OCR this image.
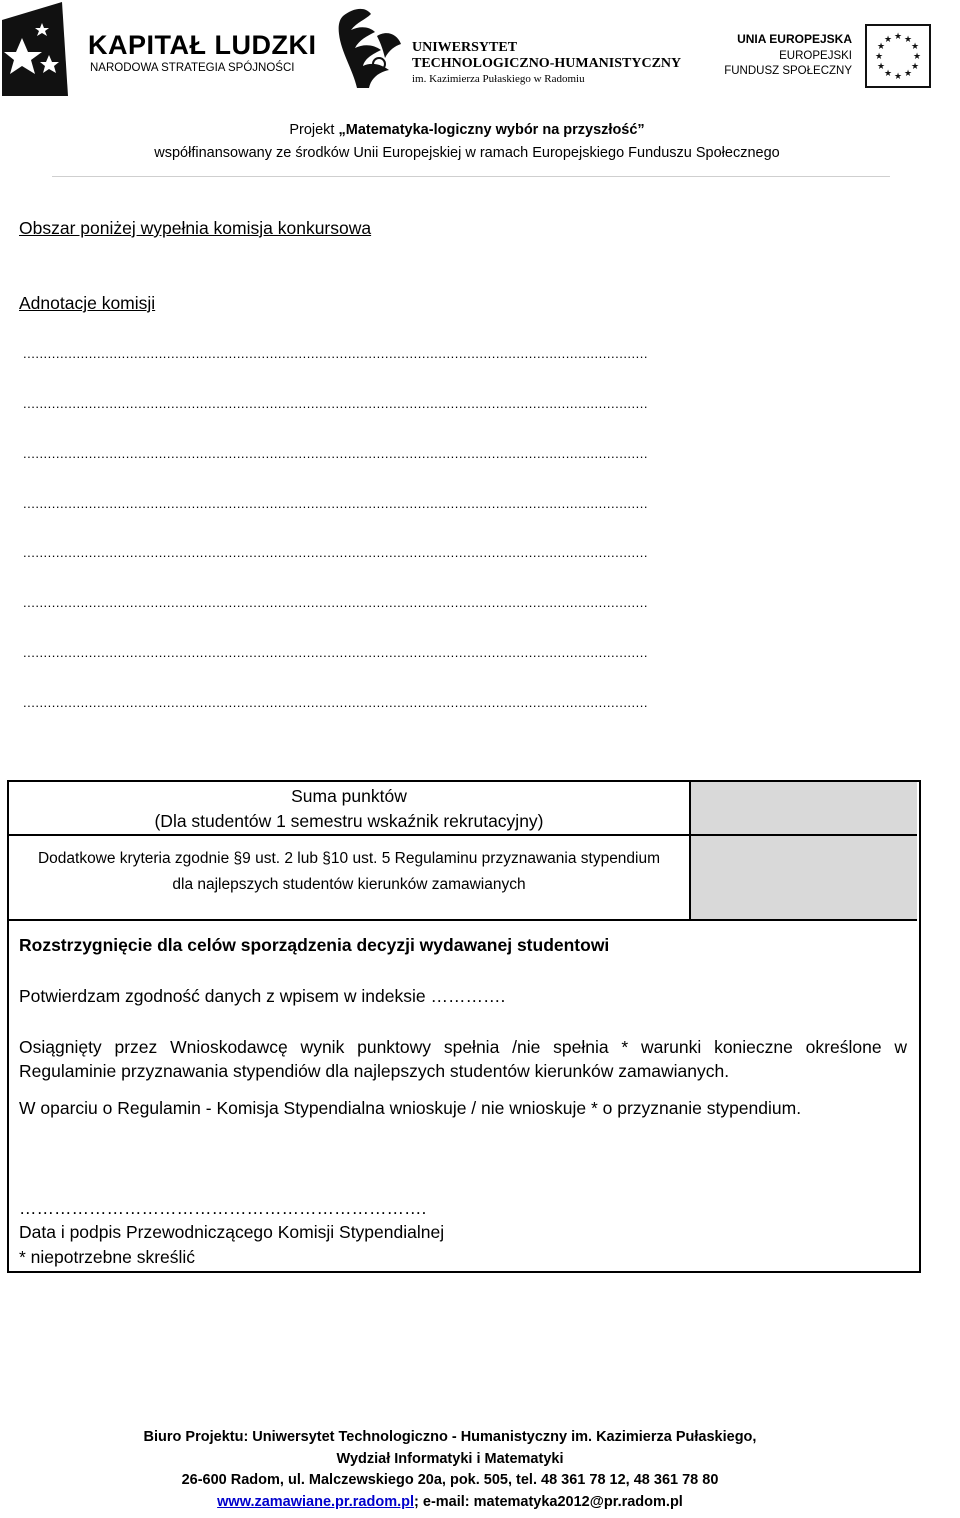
KAPITAŁ LUDZKI
NARODOWA STRATEGIA SPÓJNOŚCI
UNIWERSYTET
TECHNOLOGICZNO-HUMANISTYCZNY
im. Kazimierza Pułaskiego w Radomiu
UNIA EUROPEJSKA
EUROPEJSKI
FUNDUSZ SPOŁECZNY
★ ★
★
★
★
★
★
★
★
★
★
★
Projekt „Matematyka-logiczny wybór na przyszłość”
współfinansowany ze środków Unii Europejskiej w ramach Europejskiego Funduszu Społecznego
Obszar poniżej wypełnia komisja konkursowa
Adnotacje komisji
........................................................................................................................................................
........................................................................................................................................................
........................................................................................................................................................
........................................................................................................................................................
........................................................................................................................................................
........................................................................................................................................................
........................................................................................................................................................
........................................................................................................................................................
Suma punktów
(Dla studentów 1 semestru wskaźnik rekrutacyjny)
Dodatkowe kryteria zgodnie §9 ust. 2 lub §10 ust. 5 Regulaminu przyznawania stypendium
dla najlepszych studentów kierunków zamawianych
Rozstrzygnięcie dla celów sporządzenia decyzji wydawanej studentowi
Potwierdzam zgodność danych z wpisem w indeksie ………….
Osiągnięty przez Wnioskodawcę wynik punktowy spełnia /nie spełnia * warunki konieczne określone w Regulaminie przyznawania stypendiów dla najlepszych studentów kierunków zamawianych.
W oparciu o Regulamin - Komisja Stypendialna wnioskuje / nie wnioskuje * o przyznanie stypendium.
…………………………………………………………….
Data i podpis Przewodniczącego Komisji Stypendialnej
* niepotrzebne skreślić
Biuro Projektu: Uniwersytet Technologiczno - Humanistyczny im. Kazimierza Pułaskiego,
Wydział Informatyki i Matematyki
26-600 Radom, ul. Malczewskiego 20a, pok. 505, tel. 48 361 78 12, 48 361 78 80
www.zamawiane.pr.radom.pl; e-mail: matematyka2012@pr.radom.pl
